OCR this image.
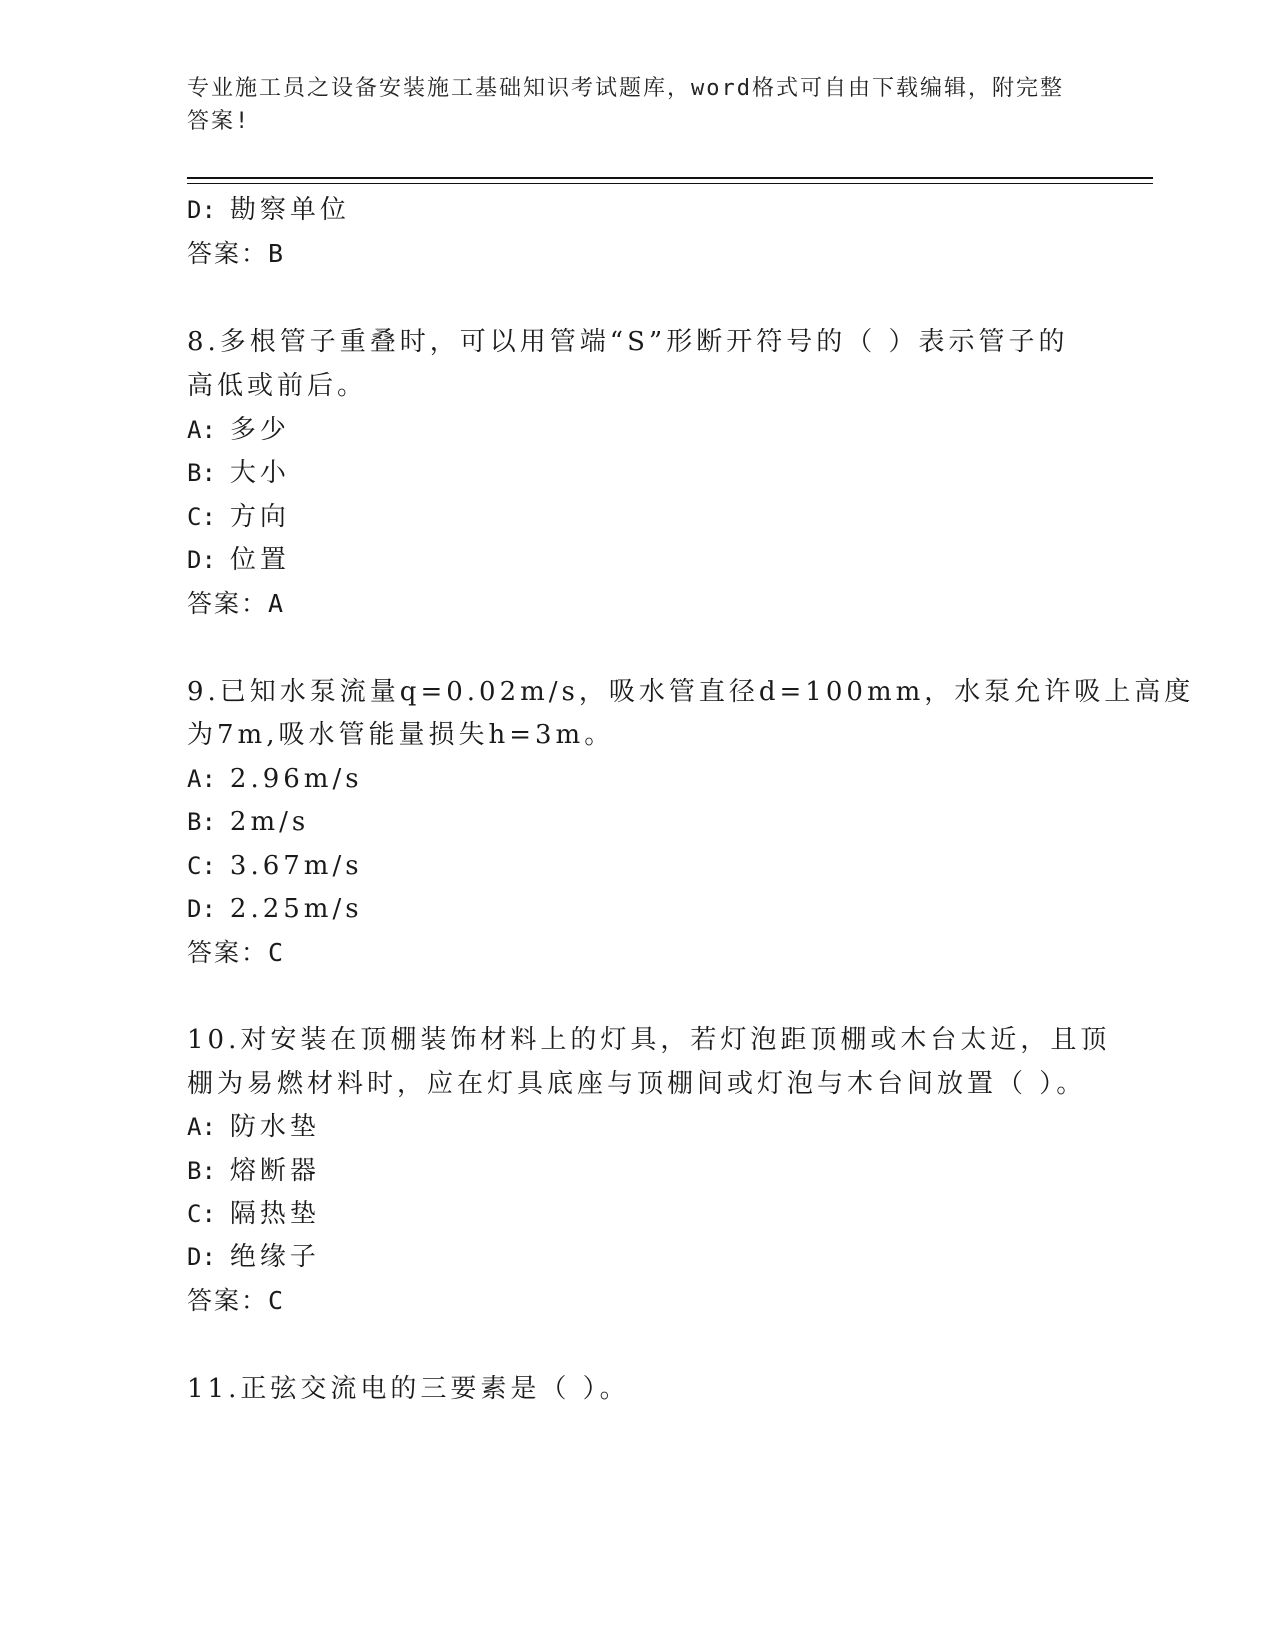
专业施工员之设备安装施工基础知识考试题库，word格式可自由下载编辑，附完整答案!
D: 勘察单位
答案：B
8.多根管子重叠时，可以用管端“S”形断开符号的（ ）表示管子的
高低或前后。
A: 多少
B: 大小
C: 方向
D: 位置
答案：A
9.已知水泵流量q=0.02m/s，吸水管直径d=100mm，水泵允许吸上高度
为7m,吸水管能量损失h=3m。
A: 2.96m/s
B: 2m/s
C: 3.67m/s
D: 2.25m/s
答案：C
10.对安装在顶棚装饰材料上的灯具，若灯泡距顶棚或木台太近，且顶
棚为易燃材料时，应在灯具底座与顶棚间或灯泡与木台间放置（ ）。
A: 防水垫
B: 熔断器
C: 隔热垫
D: 绝缘子
答案：C
11.正弦交流电的三要素是（ ）。
